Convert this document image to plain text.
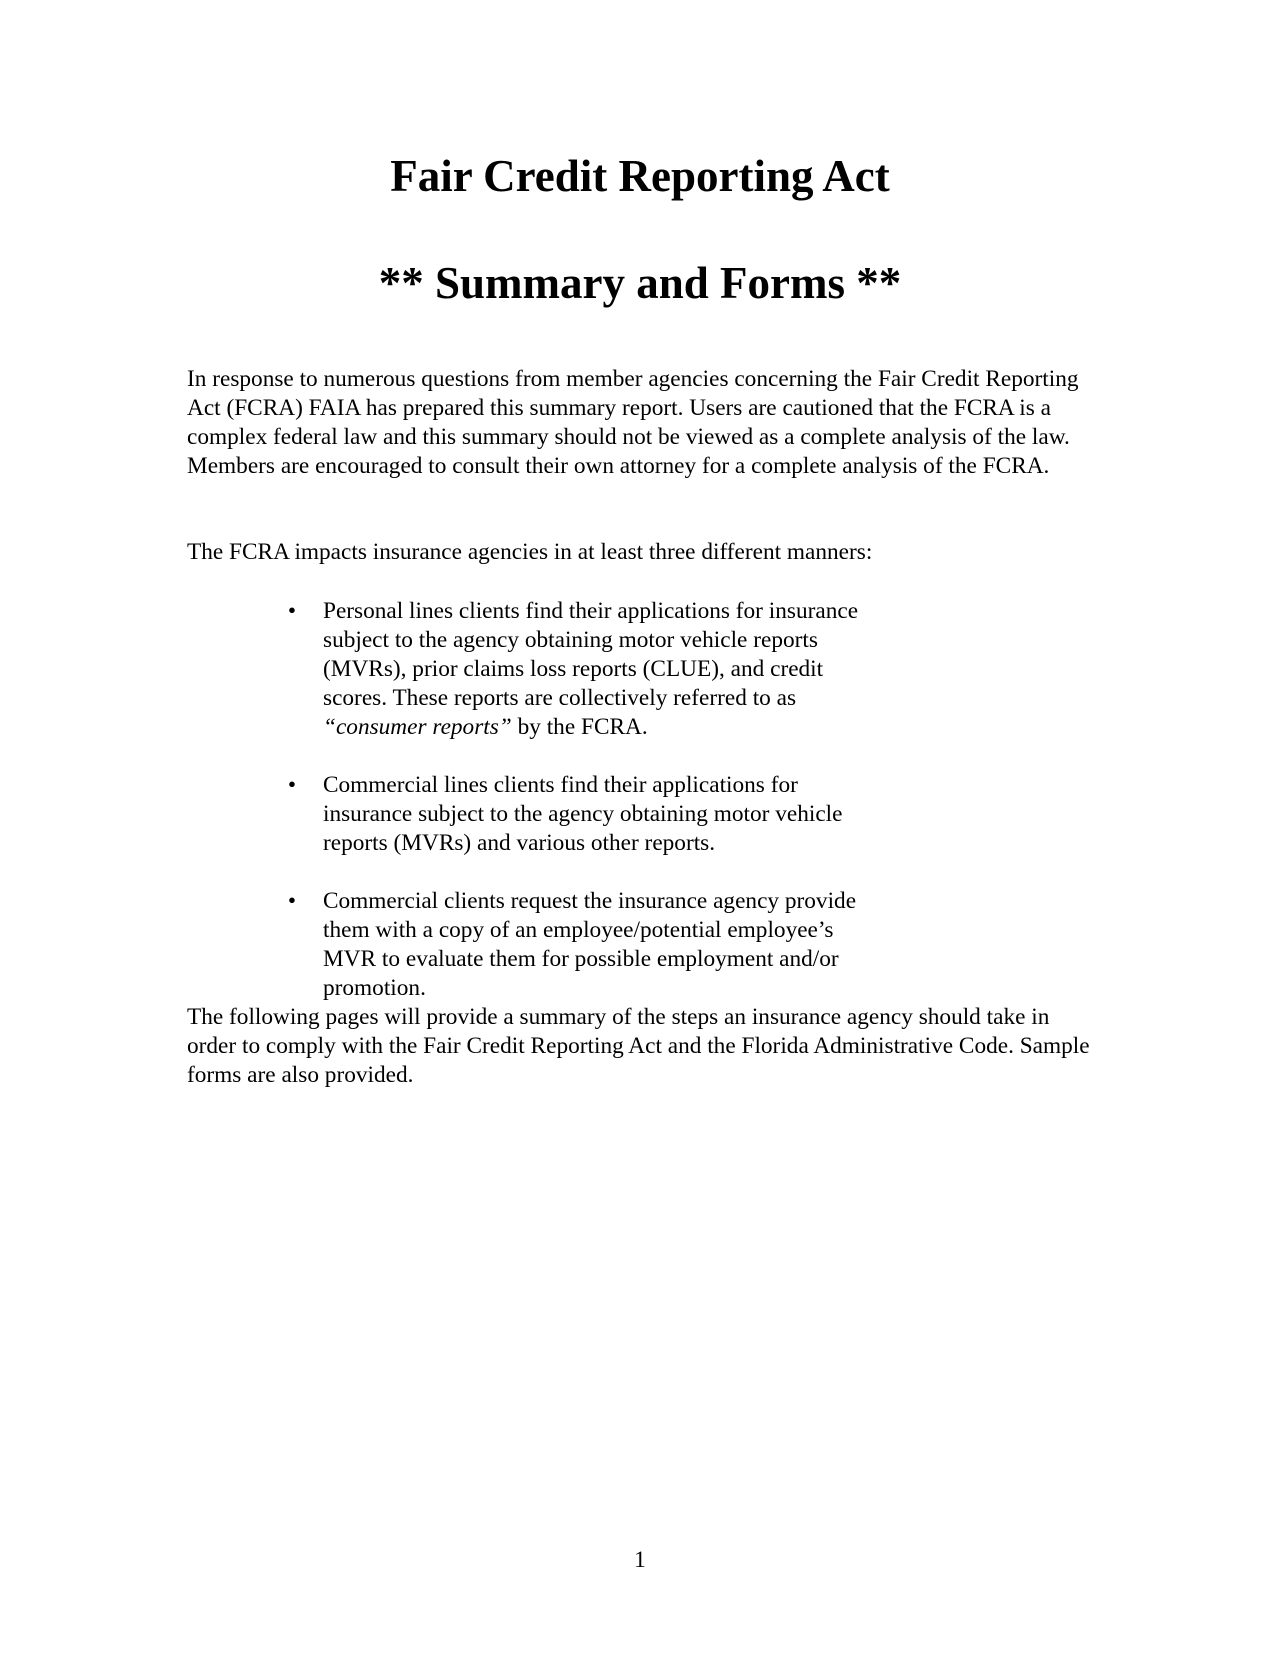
Fair Credit Reporting Act
** Summary and Forms **

In response to numerous questions from member agencies concerning the Fair Credit Reporting Act (FCRA) FAIA has prepared this summary report. Users are cautioned that the FCRA is a complex federal law and this summary should not be viewed as a complete analysis of the law. Members are encouraged to consult their own attorney for a complete analysis of the FCRA.

The FCRA impacts insurance agencies in at least three different manners:

• Personal lines clients find their applications for insurance subject to the agency obtaining motor vehicle reports (MVRs), prior claims loss reports (CLUE), and credit scores. These reports are collectively referred to as “consumer reports” by the FCRA.
• Commercial lines clients find their applications for insurance subject to the agency obtaining motor vehicle reports (MVRs) and various other reports.
• Commercial clients request the insurance agency provide them with a copy of an employee/potential employee’s MVR to evaluate them for possible employment and/or promotion.

The following pages will provide a summary of the steps an insurance agency should take in order to comply with the Fair Credit Reporting Act and the Florida Administrative Code. Sample forms are also provided.

1
